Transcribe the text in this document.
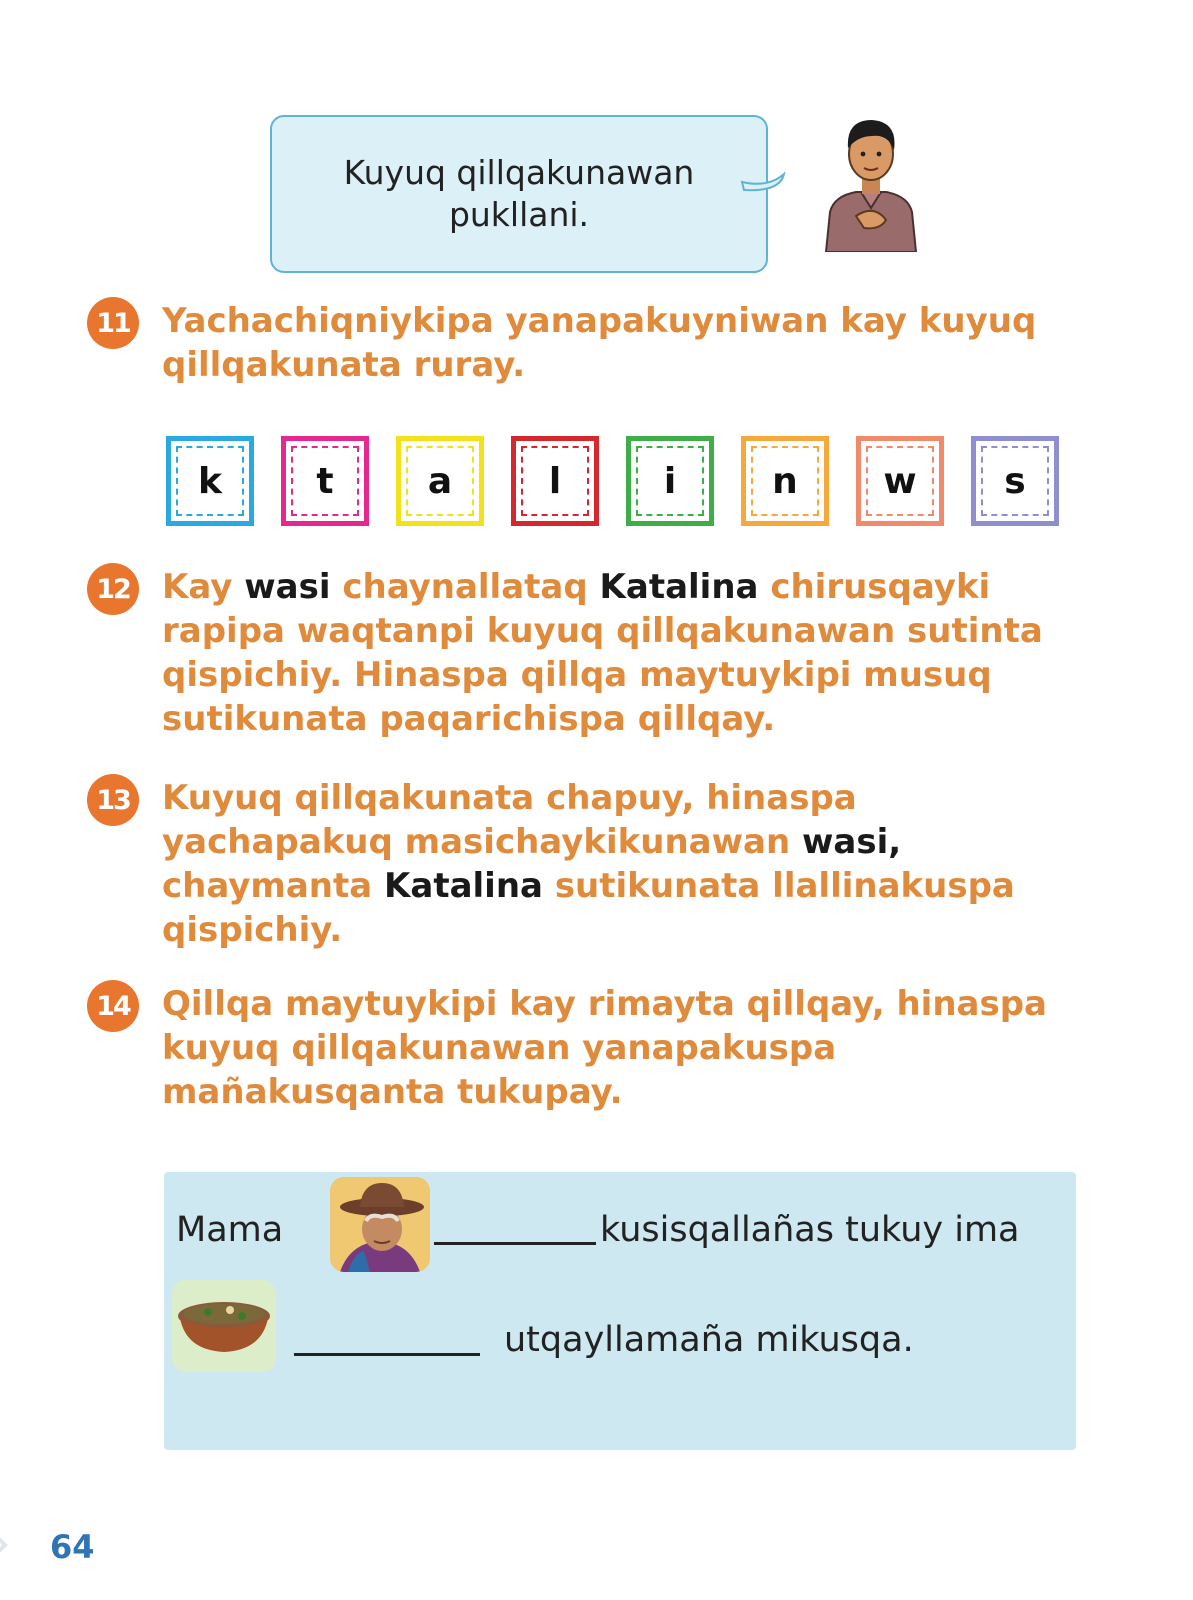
Kuyuq qillqakunawan
pukllani.
11 Yachachiqniykipa yanapakuyniwan kay kuyuq qillqakunata ruray.
k	t	a	l	i	n w s
12 Kay wasi chaynallataq Katalina chirusqayki rapipa waqtanpi kuyuq qillqakunawan sutinta qispichiy. Hinaspa qillqa maytuykipi musuq sutikunata paqarichispa qillqay.
13 Kuyuq qillqakunata chapuy, hinaspa yachapakuq masichaykikunawan wasi, chaymanta Katalina sutikunata llallinakuspa qispichiy.
14 Qillqa maytuykipi kay rimayta qillqay, hinaspa kuyuq qillqakunawan yanapakuspa mañakusqanta tukupay.
Mama	kusisqallañas tukuy ima
utqayllamaña mikusqa.
64
